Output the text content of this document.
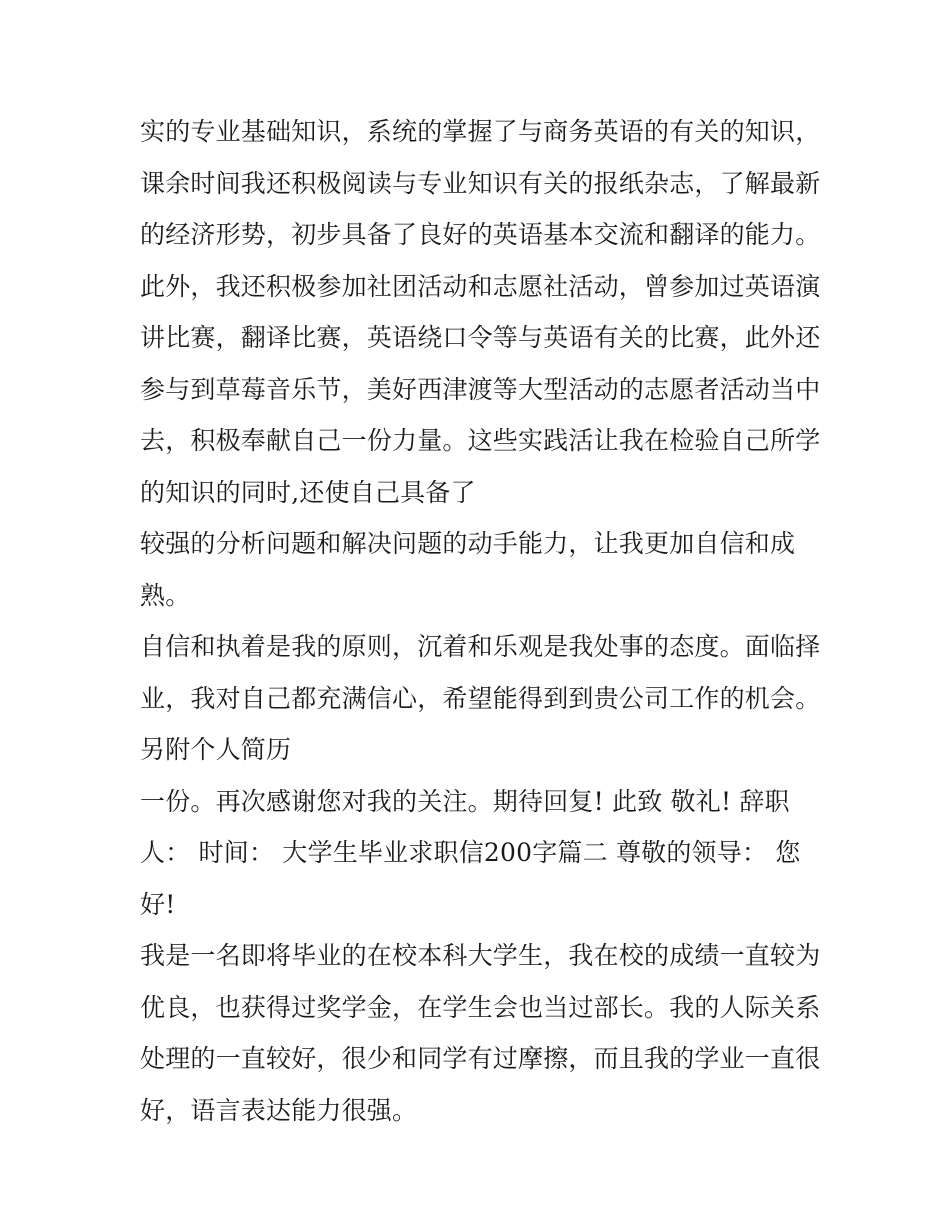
实的专业基础知识，系统的掌握了与商务英语的有关的知识，
课余时间我还积极阅读与专业知识有关的报纸杂志，了解最新
的经济形势，初步具备了良好的英语基本交流和翻译的能力。
此外，我还积极参加社团活动和志愿社活动，曾参加过英语演
讲比赛，翻译比赛，英语绕口令等与英语有关的比赛，此外还
参与到草莓音乐节，美好西津渡等大型活动的志愿者活动当中
去，积极奉献自己一份力量。这些实践活让我在检验自己所学
的知识的同时,还使自己具备了
较强的分析问题和解决问题的动手能力，让我更加自信和成
熟。
自信和执着是我的原则，沉着和乐观是我处事的态度。面临择
业，我对自己都充满信心，希望能得到到贵公司工作的机会。
另附个人简历
一份。再次感谢您对我的关注。期待回复! 此致 敬礼! 辞职
人： 时间： 大学生毕业求职信200字篇二 尊敬的领导： 您
好!
我是一名即将毕业的在校本科大学生，我在校的成绩一直较为
优良，也获得过奖学金，在学生会也当过部长。我的人际关系
处理的一直较好，很少和同学有过摩擦，而且我的学业一直很
好，语言表达能力很强。
